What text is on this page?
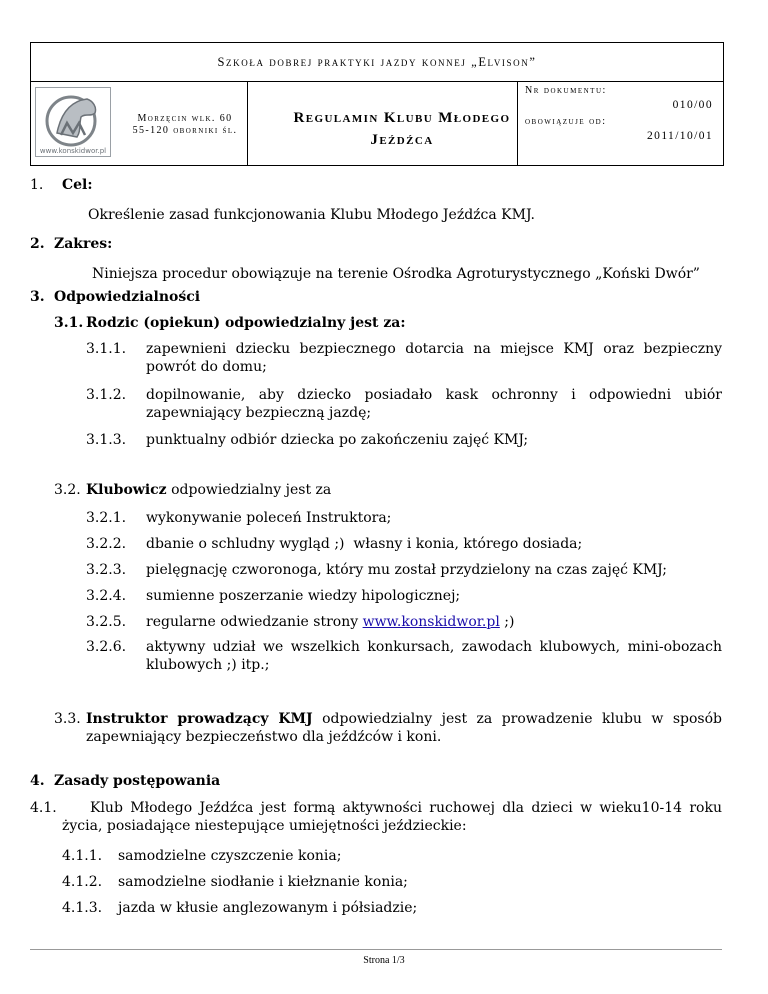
Szkoła dobrej praktyki jazdy konnej „Elvison”
www.konskidwor.pl
Morzęcin wlk. 60
55-120 oborniki śl.
Regulamin Klubu Młodego
Jeźdźca
Nr dokumentu:
010/00
obowiązuje od:
2011/10/01
1. Cel:
Określenie zasad funkcjonowania Klubu Młodego Jeźdźca KMJ.
2. Zakres:
Niniejsza procedur obowiązuje na terenie Ośrodka Agroturystycznego „Koński Dwór”
3. Odpowiedzialności
3.1. Rodzic (opiekun) odpowiedzialny jest za:
3.1.1. zapewnieni dziecku bezpiecznego dotarcia na miejsce KMJ oraz bezpieczny powrót do domu;
3.1.2. dopilnowanie, aby dziecko posiadało kask ochronny i odpowiedni ubiór zapewniający bezpieczną jazdę;
3.1.3. punktualny odbiór dziecka po zakończeniu zajęć KMJ;
3.2. Klubowicz odpowiedzialny jest za
3.2.1. wykonywanie poleceń Instruktora;
3.2.2. dbanie o schludny wygląd ;)  własny i konia, którego dosiada;
3.2.3. pielęgnację czworonoga, który mu został przydzielony na czas zajęć KMJ;
3.2.4. sumienne poszerzanie wiedzy hipologicznej;
3.2.5. regularne odwiedzanie strony www.konskidwor.pl ;)
3.2.6. aktywny udział we wszelkich konkursach, zawodach klubowych, mini-obozach klubowych ;) itp.;
3.3. Instruktor prowadzący KMJ odpowiedzialny jest za prowadzenie klubu w sposób zapewniający bezpieczeństwo dla jeźdźców i koni.
4. Zasady postępowania
4.1.	Klub Młodego Jeźdźca jest formą aktywności ruchowej dla dzieci w wieku10-14 roku życia, posiadające niestepujące umiejętności jeździeckie:
4.1.1. samodzielne czyszczenie konia;
4.1.2. samodzielne siodłanie i kiełznanie konia;
4.1.3. jazda w kłusie anglezowanym i półsiadzie;
Strona 1/3
